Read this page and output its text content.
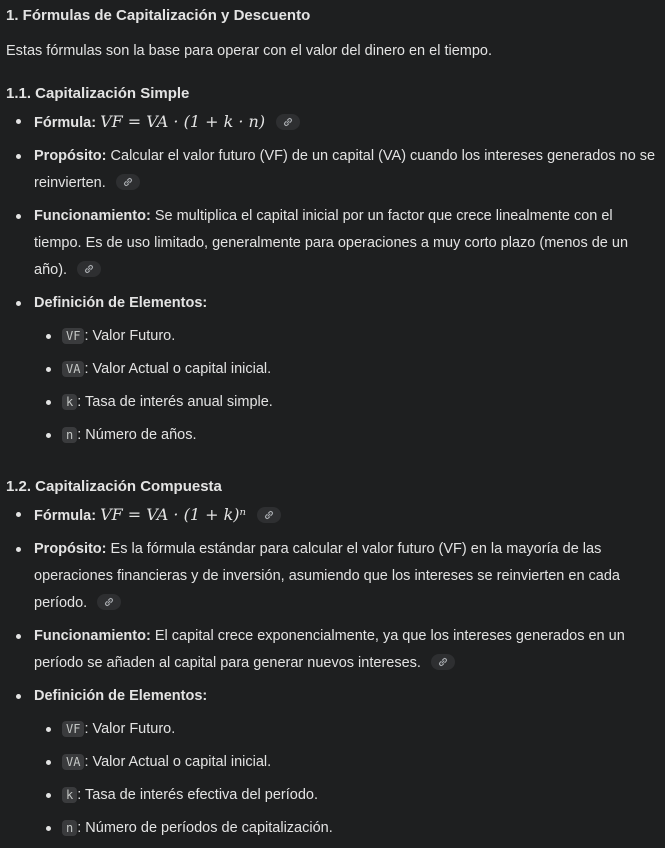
1. Fórmulas de Capitalización y Descuento

Estas fórmulas son la base para operar con el valor del dinero en el tiempo.

1.1. Capitalización Simple
Fórmula: VF = VA · (1 + k · n)
Propósito: Calcular el valor futuro (VF) de un capital (VA) cuando los intereses generados no se reinvierten.
Funcionamiento: Se multiplica el capital inicial por un factor que crece linealmente con el tiempo. Es de uso limitado, generalmente para operaciones a muy corto plazo (menos de un año).
Definición de Elementos:
VF : Valor Futuro.
VA : Valor Actual o capital inicial.
k : Tasa de interés anual simple.
n : Número de años.
1.2. Capitalización Compuesta
Fórmula: VF = VA · (1 + k)ⁿ
Propósito: Es la fórmula estándar para calcular el valor futuro (VF) en la mayoría de las operaciones financieras y de inversión, asumiendo que los intereses se reinvierten en cada período.
Funcionamiento: El capital crece exponencialmente, ya que los intereses generados en un período se añaden al capital para generar nuevos intereses.
Definición de Elementos:
VF : Valor Futuro.
VA : Valor Actual o capital inicial.
k : Tasa de interés efectiva del período.
n : Número de períodos de capitalización.
